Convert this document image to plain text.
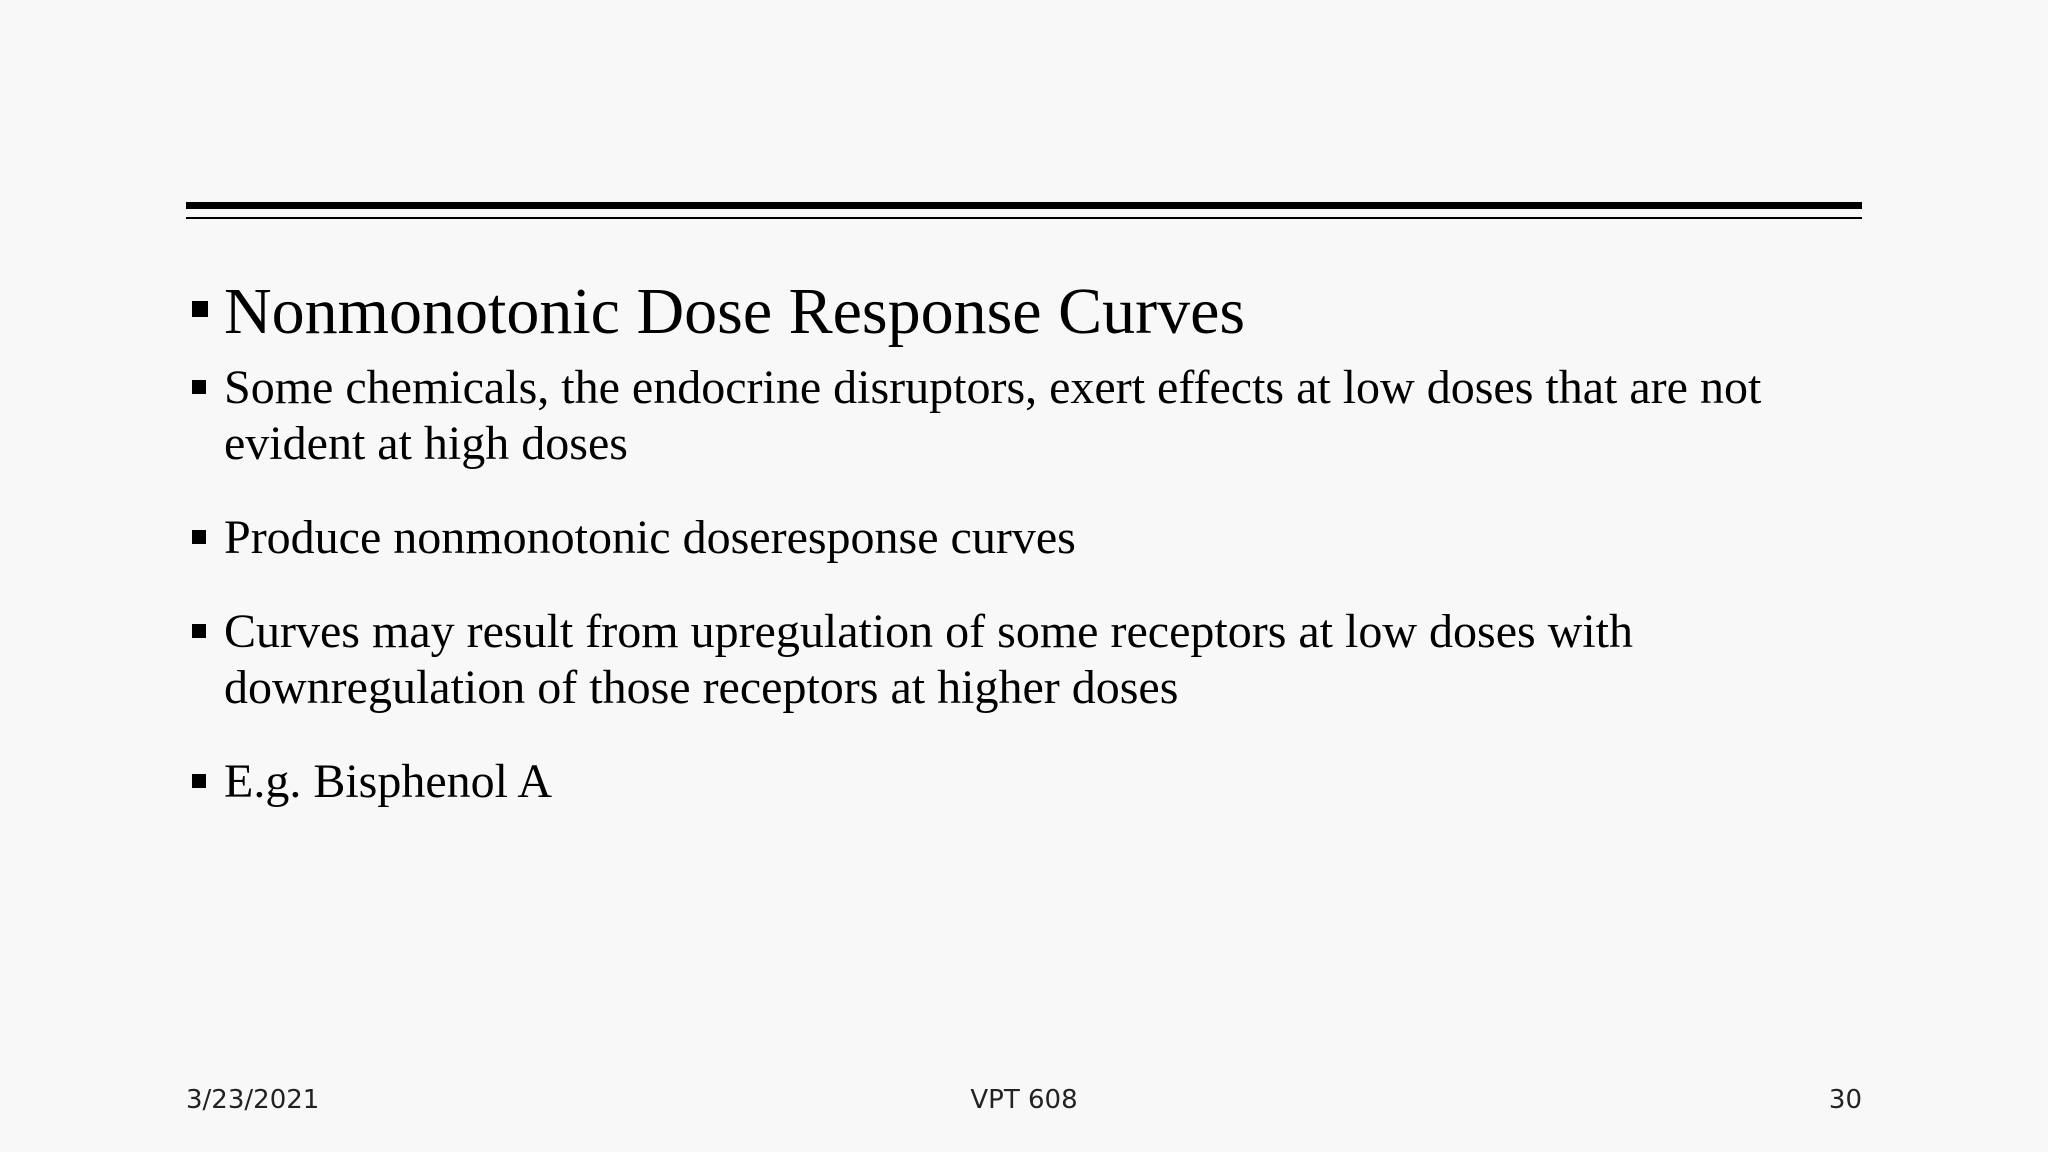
Nonmonotonic Dose Response Curves
Some chemicals, the endocrine disruptors, exert effects at low doses that are not
evident at high doses
Produce nonmonotonic doseresponse curves
Curves may result from upregulation of some receptors at low doses with
downregulation of those receptors at higher doses
E.g. Bisphenol A
3/23/2021	VPT 608	30
